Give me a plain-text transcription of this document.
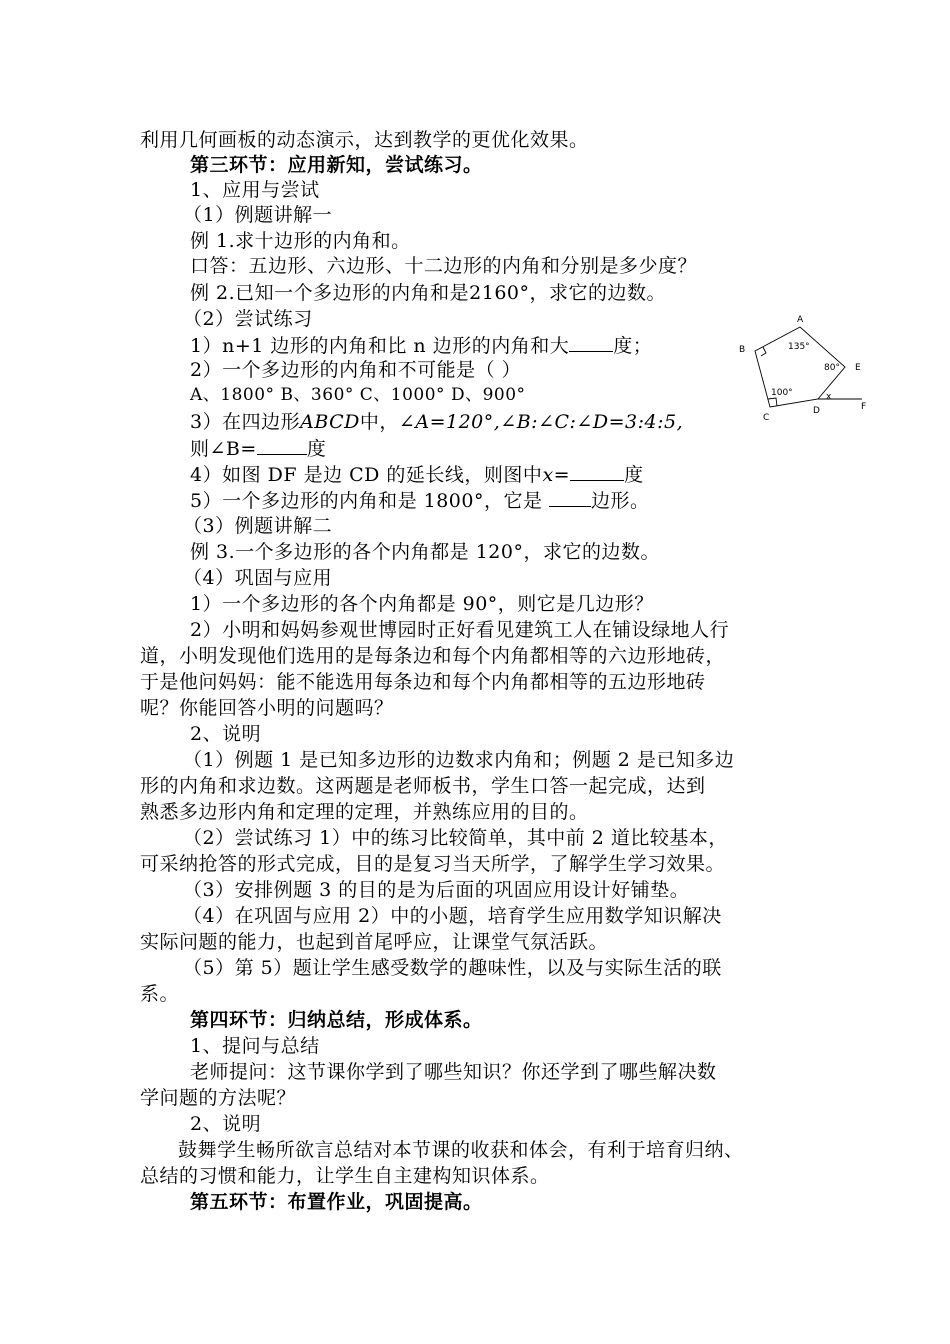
利用几何画板的动态演示，达到教学的更优化效果。
第三环节：应用新知，尝试练习。
1、应用与尝试
（1）例题讲解一
例 1.求十边形的内角和。
口答：五边形、六边形、十二边形的内角和分别是多少度？
例 2.已知一个多边形的内角和是2160°，求它的边数。
（2）尝试练习
1）n+1 边形的内角和比 n 边形的内角和大 度；
2）一个多边形的内角和不可能是（ ）
A、1800° B、360° C、1000° D、900°
3）在四边形ABCD中，∠A=120°,∠B:∠C:∠D=3:4:5,
则∠B=	度
4）如图 DF 是边 CD 的延长线，则图中x=	度
5）一个多边形的内角和是 1800°，它是	边形。
（3）例题讲解二
例 3.一个多边形的各个内角都是 120°，求它的边数。
（4）巩固与应用
1）一个多边形的各个内角都是 90°，则它是几边形？
2）小明和妈妈参观世博园时正好看见建筑工人在铺设绿地人行
道，小明发现他们选用的是每条边和每个内角都相等的六边形地砖，
于是他问妈妈：能不能选用每条边和每个内角都相等的五边形地砖
呢？你能回答小明的问题吗？
2、说明
（1）例题 1 是已知多边形的边数求内角和；例题 2 是已知多边
形的内角和求边数。这两题是老师板书，学生口答一起完成，达到
熟悉多边形内角和定理的定理，并熟练应用的目的。
（2）尝试练习 1）中的练习比较简单，其中前 2 道比较基本，
可采纳抢答的形式完成，目的是复习当天所学，了解学生学习效果。
（3）安排例题 3 的目的是为后面的巩固应用设计好铺垫。
（4）在巩固与应用 2）中的小题，培育学生应用数学知识解决
实际问题的能力，也起到首尾呼应，让课堂气氛活跃。
（5）第 5）题让学生感受数学的趣味性，以及与实际生活的联
系。
第四环节：归纳总结，形成体系。
1、提问与总结
老师提问：这节课你学到了哪些知识？你还学到了哪些解决数
学问题的方法呢？
2、说明
鼓舞学生畅所欲言总结对本节课的收获和体会，有利于培育归纳、
总结的习惯和能力，让学生自主建构知识体系。
第五环节：布置作业，巩固提高。
A
B
C
D
E
F
x
135°
80°
100°
